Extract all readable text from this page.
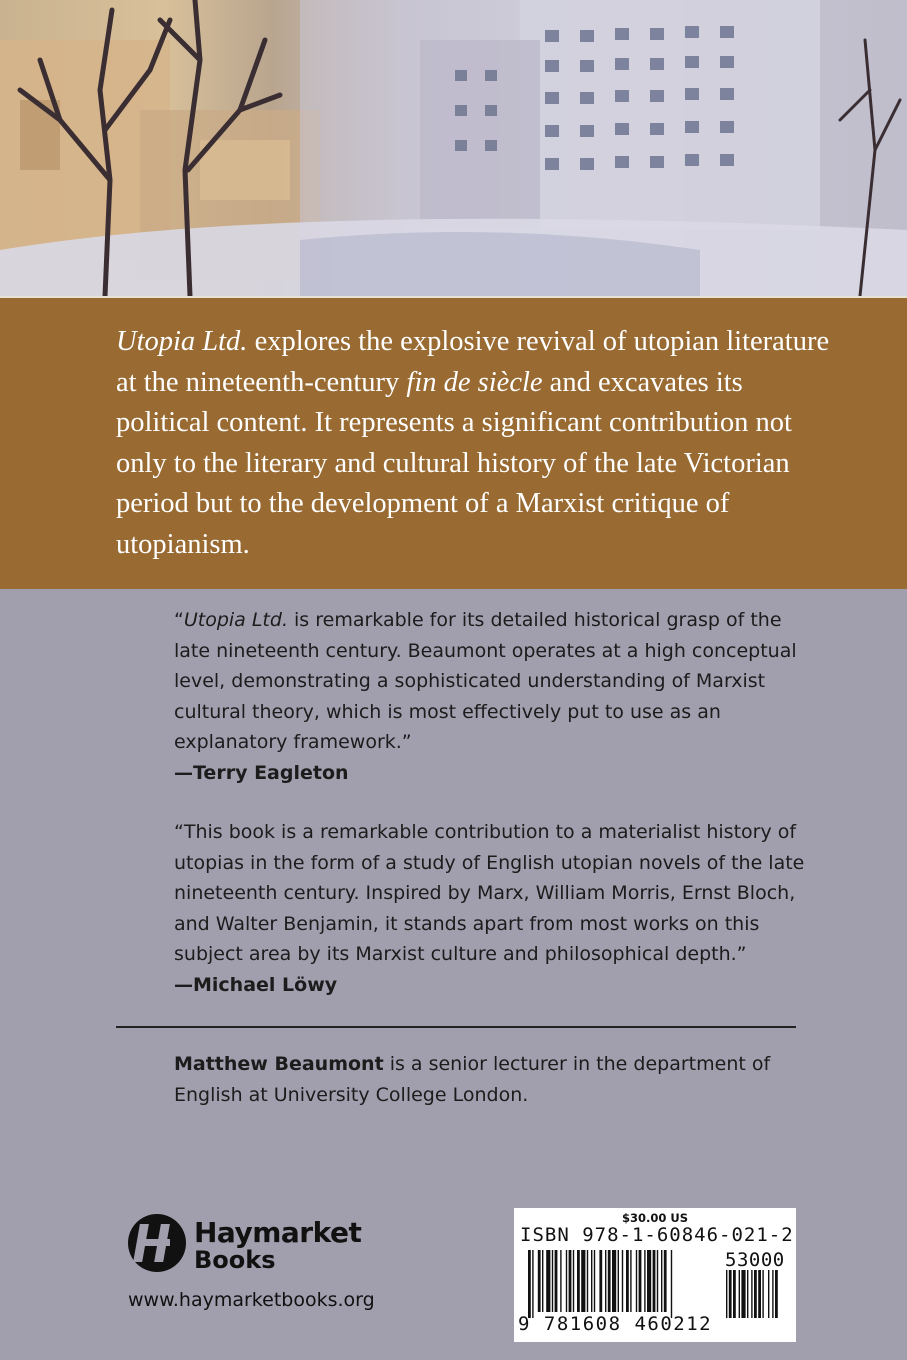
Utopia Ltd. explores the explosive revival of utopian literature at the nineteenth-century fin de siècle and excavates its political content. It represents a significant contribution not only to the literary and cultural history of the late Victorian period but to the development of a Marxist critique of utopianism.

“Utopia Ltd. is remarkable for its detailed historical grasp of the late nineteenth century. Beaumont operates at a high conceptual level, demonstrating a sophisticated understanding of Marxist cultural theory, which is most effectively put to use as an explanatory framework.”
—Terry Eagleton

“This book is a remarkable contribution to a materialist history of utopias in the form of a study of English utopian novels of the late nineteenth century. Inspired by Marx, William Morris, Ernst Bloch, and Walter Benjamin, it stands apart from most works on this subject area by its Marxist culture and philosophical depth.”
—Michael Löwy

Matthew Beaumont is a senior lecturer in the department of English at University College London.

Haymarket
Books
www.haymarketbooks.org
$30.00 US
ISBN 978-1-60846-021-2
53000
9 781608 460212
